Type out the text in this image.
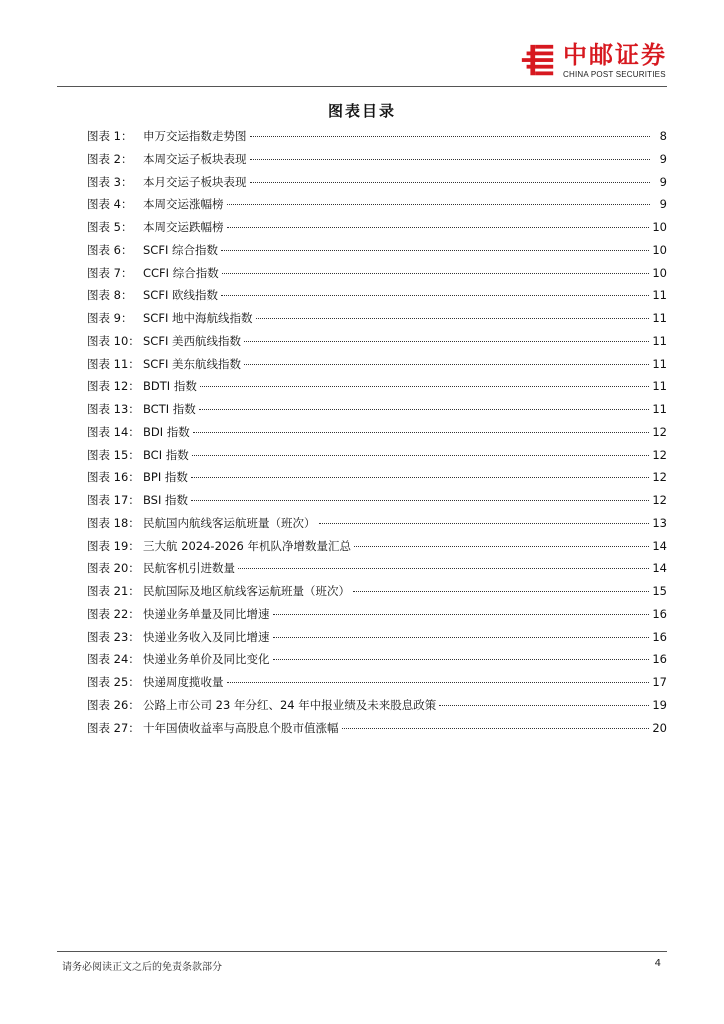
中邮证券
CHINA POST SECURITIES
图表目录
图表 1： 申万交运指数走势图	8
图表 2： 本周交运子板块表现	9
图表 3： 本月交运子板块表现	9
图表 4： 本周交运涨幅榜	9
图表 5： 本周交运跌幅榜	10
图表 6： SCFI 综合指数	10
图表 7： CCFI 综合指数	10
图表 8： SCFI 欧线指数	11
图表 9： SCFI 地中海航线指数	11
图表 10： SCFI 美西航线指数	11
图表 11： SCFI 美东航线指数	11
图表 12： BDTI 指数	11
图表 13： BCTI 指数	11
图表 14： BDI 指数	12
图表 15： BCI 指数	12
图表 16： BPI 指数	12
图表 17： BSI 指数	12
图表 18： 民航国内航线客运航班量（班次）	13
图表 19： 三大航 2024-2026 年机队净增数量汇总	14
图表 20： 民航客机引进数量	14
图表 21： 民航国际及地区航线客运航班量（班次）	15
图表 22： 快递业务单量及同比增速	16
图表 23： 快递业务收入及同比增速	16
图表 24： 快递业务单价及同比变化	16
图表 25： 快递周度揽收量	17
图表 26： 公路上市公司 23 年分红、24 年中报业绩及未来股息政策	19
图表 27： 十年国债收益率与高股息个股市值涨幅	20
请务必阅读正文之后的免责条款部分	4
